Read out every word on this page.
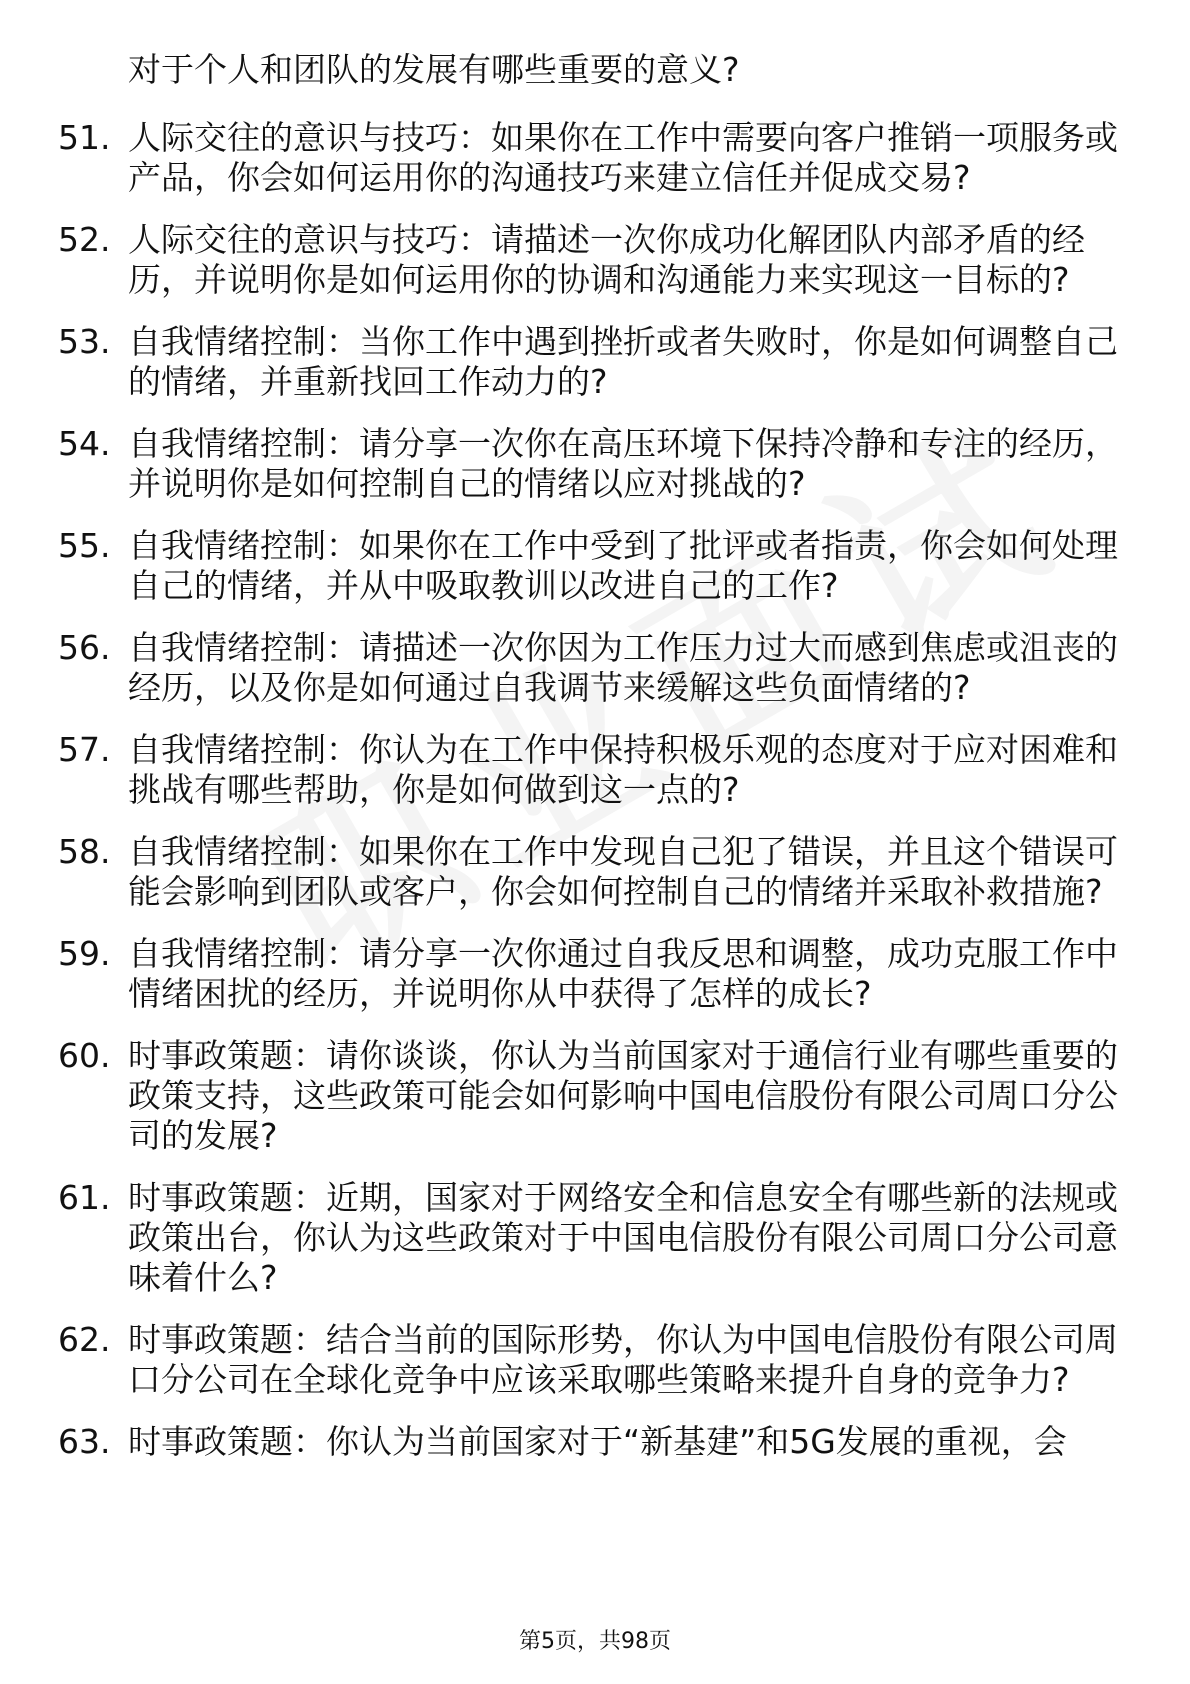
对于个人和团队的发展有哪些重要的意义?

51. 人际交往的意识与技巧：如果你在工作中需要向客户推销一项服务或产品，你会如何运用你的沟通技巧来建立信任并促成交易?
52. 人际交往的意识与技巧：请描述一次你成功化解团队内部矛盾的经历，并说明你是如何运用你的协调和沟通能力来实现这一目标的?
53. 自我情绪控制：当你工作中遇到挫折或者失败时，你是如何调整自己的情绪，并重新找回工作动力的?
54. 自我情绪控制：请分享一次你在高压环境下保持冷静和专注的经历，并说明你是如何控制自己的情绪以应对挑战的?
55. 自我情绪控制：如果你在工作中受到了批评或者指责，你会如何处理自己的情绪，并从中吸取教训以改进自己的工作?
56. 自我情绪控制：请描述一次你因为工作压力过大而感到焦虑或沮丧的经历，以及你是如何通过自我调节来缓解这些负面情绪的?
57. 自我情绪控制：你认为在工作中保持积极乐观的态度对于应对困难和挑战有哪些帮助，你是如何做到这一点的?
58. 自我情绪控制：如果你在工作中发现自己犯了错误，并且这个错误可能会影响到团队或客户，你会如何控制自己的情绪并采取补救措施?
59. 自我情绪控制：请分享一次你通过自我反思和调整，成功克服工作中情绪困扰的经历，并说明你从中获得了怎样的成长?
60. 时事政策题：请你谈谈，你认为当前国家对于通信行业有哪些重要的政策支持，这些政策可能会如何影响中国电信股份有限公司周口分公司的发展?
61. 时事政策题：近期，国家对于网络安全和信息安全有哪些新的法规或政策出台，你认为这些政策对于中国电信股份有限公司周口分公司意味着什么?
62. 时事政策题：结合当前的国际形势，你认为中国电信股份有限公司周口分公司在全球化竞争中应该采取哪些策略来提升自身的竞争力?
63. 时事政策题：你认为当前国家对于“新基建”和5G发展的重视，会
第5页，共98页
